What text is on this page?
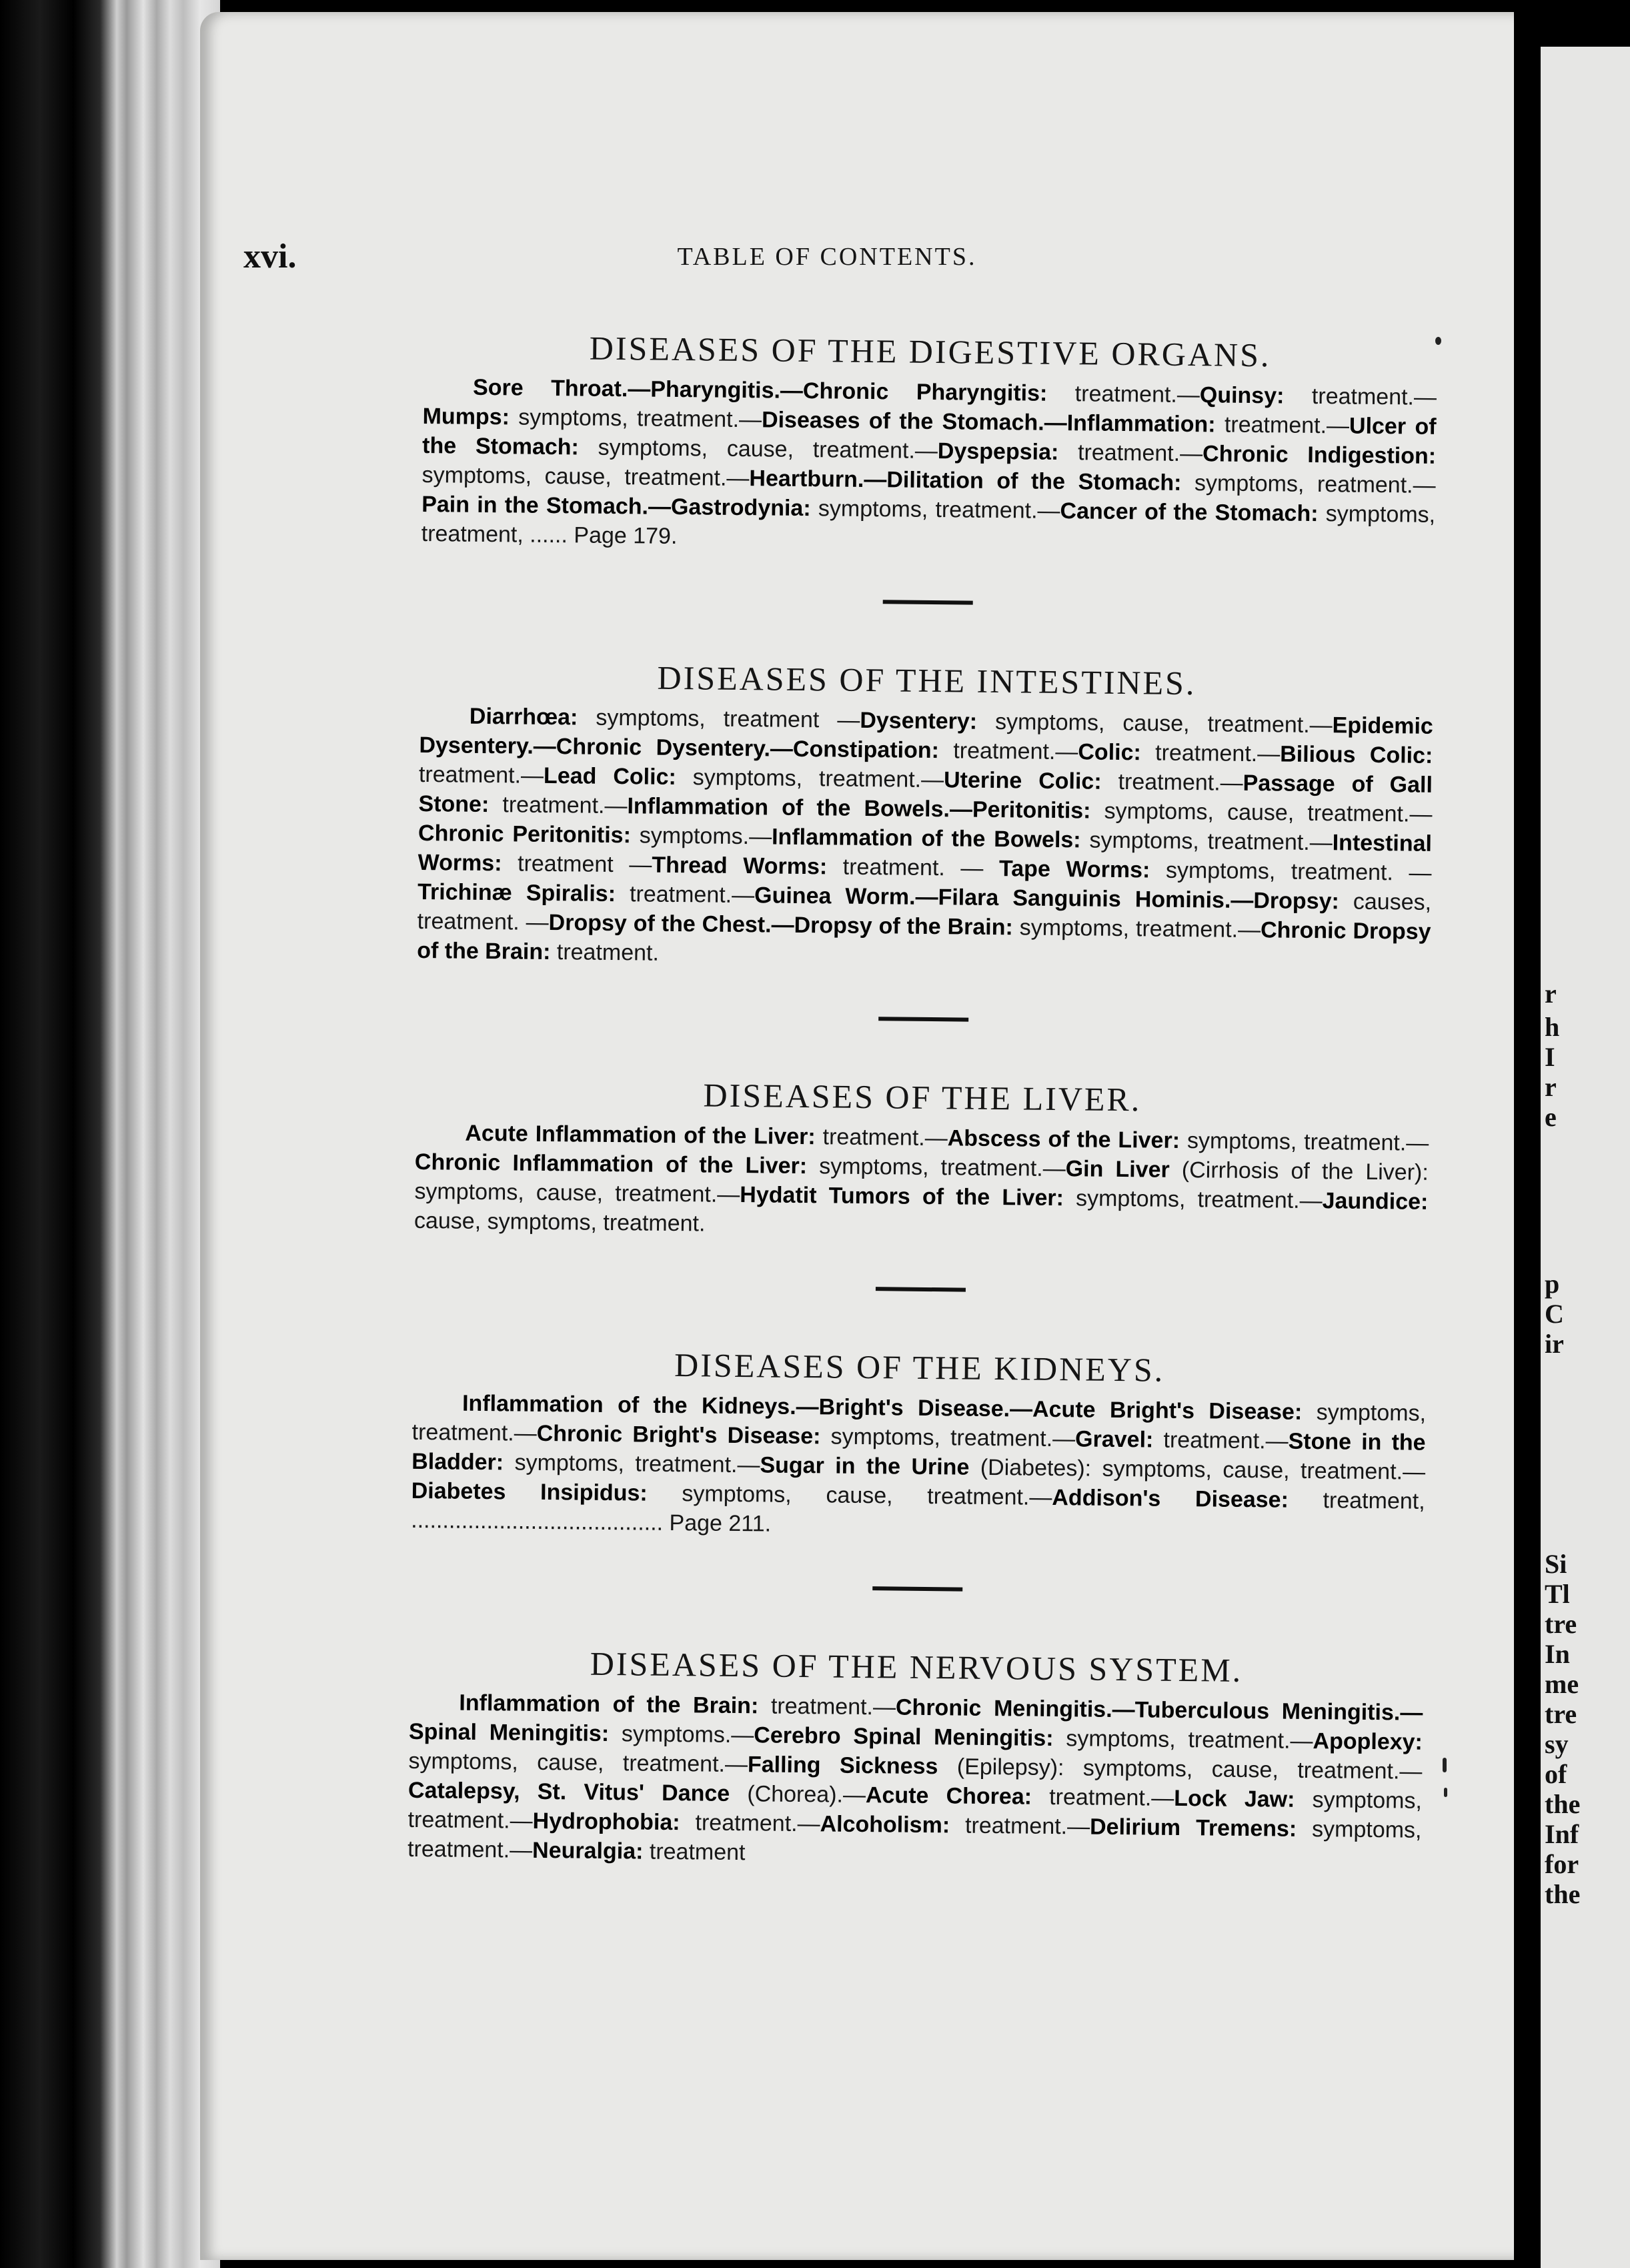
xvi.	TABLE OF CONTENTS.
DISEASES OF THE DIGESTIVE ORGANS.

Sore Throat.—Pharyngitis.—Chronic Pharyngitis: treatment.—Quinsy: treatment.—Mumps: symptoms, treatment.—Diseases of the Stomach.—Inflammation: treatment.—Ulcer of the Stomach: symptoms, cause, treatment.—Dyspepsia: treatment.—Chronic Indigestion: symptoms, cause, treatment.—Heartburn.—Dilitation of the Stomach: symptoms, reatment.—Pain in the Stomach.—Gastrodynia: symptoms, treatment.—Cancer of the Stomach: symptoms, treatment, ...... Page 179.

DISEASES OF THE INTESTINES.

Diarrhœa: symptoms, treatment —Dysentery: symptoms, cause, treatment.—Epidemic Dysentery.—Chronic Dysentery.—Constipation: treatment.—Colic: treatment.—Bilious Colic: treatment.—Lead Colic: symptoms, treatment.—Uterine Colic: treatment.—Passage of Gall Stone: treatment.—Inflammation of the Bowels.—Peritonitis: symptoms, cause, treatment.—Chronic Peritonitis: symptoms.—Inflammation of the Bowels: symptoms, treatment.—Intestinal Worms: treatment —Thread Worms: treatment. — Tape Worms: symptoms, treatment. — Trichinæ Spiralis: treatment.—Guinea Worm.—Filara Sanguinis Hominis.—Dropsy: causes, treatment. —Dropsy of the Chest.—Dropsy of the Brain: symptoms, treatment.—Chronic Dropsy of the Brain: treatment.

DISEASES OF THE LIVER.

Acute Inflammation of the Liver: treatment.—Abscess of the Liver: symptoms, treatment.—Chronic Inflammation of the Liver: symptoms, treatment.—Gin Liver (Cirrhosis of the Liver): symptoms, cause, treatment.—Hydatit Tumors of the Liver: symptoms, treatment.—Jaundice: cause, symptoms, treatment.

DISEASES OF THE KIDNEYS.

Inflammation of the Kidneys.—Bright's Disease.—Acute Bright's Disease: symptoms, treatment.—Chronic Bright's Disease: symptoms, treatment.—Gravel: treatment.—Stone in the Bladder: symptoms, treatment.—Sugar in the Urine (Diabetes): symptoms, cause, treatment.—Diabetes Insipidus: symptoms, cause, treatment.—Addison's Disease: treatment, ........................................ Page 211.

DISEASES OF THE NERVOUS SYSTEM.

Inflammation of the Brain: treatment.—Chronic Meningitis.—Tuberculous Meningitis.—Spinal Meningitis: symptoms.—Cerebro Spinal Meningitis: symptoms, treatment.—Apoplexy: symptoms, cause, treatment.—Falling Sickness (Epilepsy): symptoms, cause, treatment.—Catalepsy, St. Vitus' Dance (Chorea).—Acute Chorea: treatment.—Lock Jaw: symptoms, treatment.—Hydrophobia: treatment.—Alcoholism: treatment.—Delirium Tremens: symptoms, treatment.—Neuralgia: treatment

r
h
I
r
e
p
C
ir
Si
Tl
tre
In
me
tre
sy
of
the
Inf
for
the
